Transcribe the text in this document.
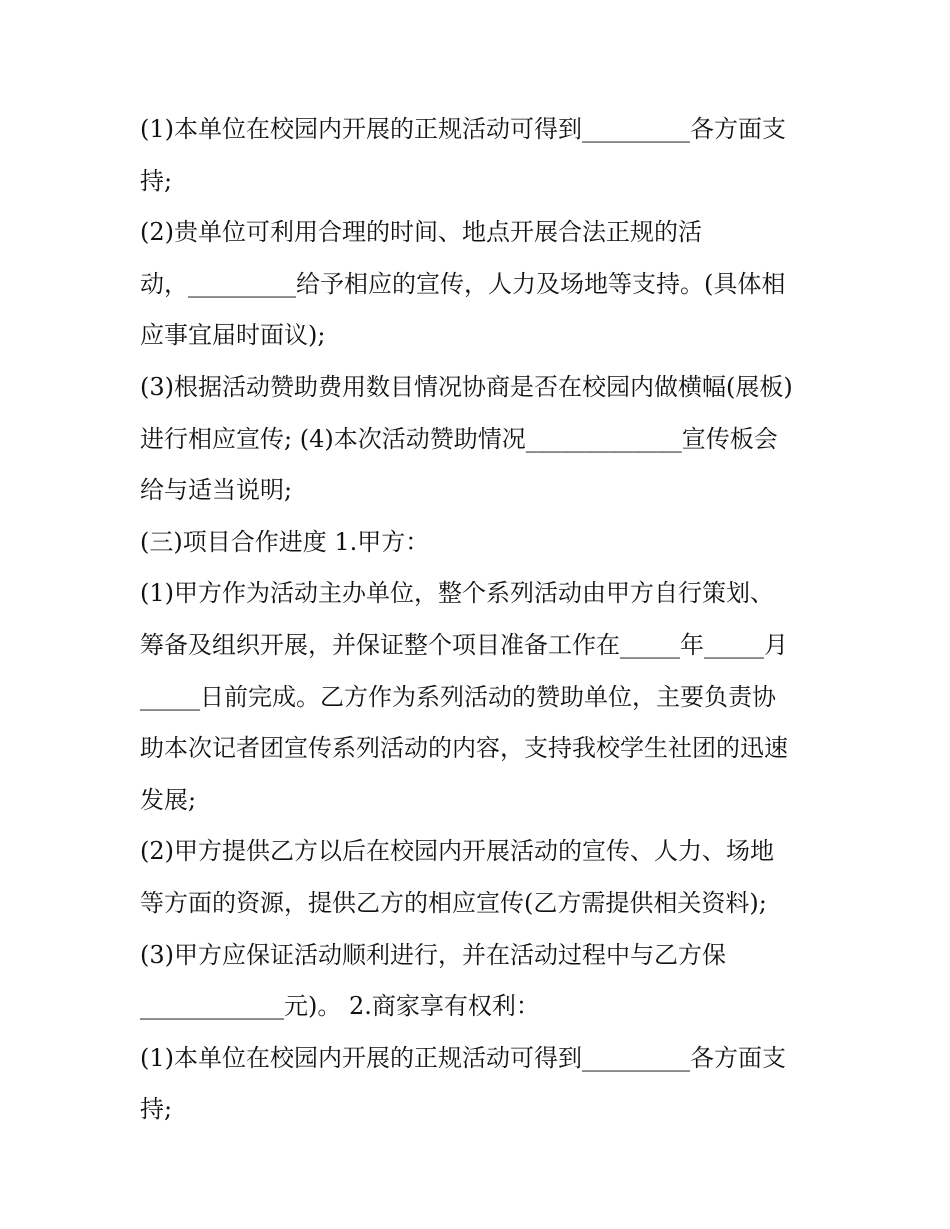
(1)本单位在校园内开展的正规活动可得到_________各方面支
持;
(2)贵单位可利用合理的时间、地点开展合法正规的活
动，_________给予相应的宣传，人力及场地等支持。(具体相
应事宜届时面议);
(3)根据活动赞助费用数目情况协商是否在校园内做横幅(展板)
进行相应宣传; (4)本次活动赞助情况_____________宣传板会
给与适当说明;
(三)项目合作进度 1.甲方：
(1)甲方作为活动主办单位，整个系列活动由甲方自行策划、
筹备及组织开展，并保证整个项目准备工作在_____年_____月
_____日前完成。乙方作为系列活动的赞助单位，主要负责协
助本次记者团宣传系列活动的内容，支持我校学生社团的迅速
发展;
(2)甲方提供乙方以后在校园内开展活动的宣传、人力、场地
等方面的资源，提供乙方的相应宣传(乙方需提供相关资料);
(3)甲方应保证活动顺利进行，并在活动过程中与乙方保
____________元)。 2.商家享有权利：
(1)本单位在校园内开展的正规活动可得到_________各方面支
持;
